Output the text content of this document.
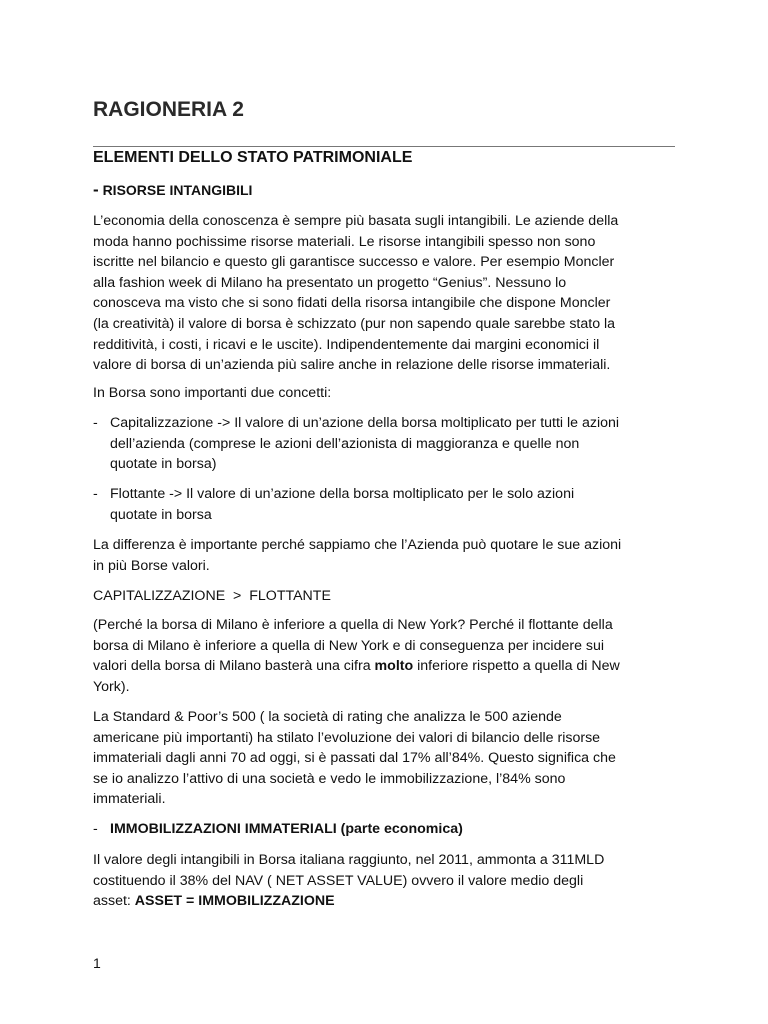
RAGIONERIA 2
ELEMENTI DELLO STATO PATRIMONIALE
- RISORSE INTANGIBILI
L’economia della conoscenza è sempre più basata sugli intangibili. Le aziende della
moda hanno pochissime risorse materiali. Le risorse intangibili spesso non sono
iscritte nel bilancio e questo gli garantisce successo e valore. Per esempio Moncler
alla fashion week di Milano ha presentato un progetto “Genius”. Nessuno lo
conosceva ma visto che si sono fidati della risorsa intangibile che dispone Moncler
(la creatività) il valore di borsa è schizzato (pur non sapendo quale sarebbe stato la
redditività, i costi, i ricavi e le uscite). Indipendentemente dai margini economici il
valore di borsa di un’azienda più salire anche in relazione delle risorse immateriali.
In Borsa sono importanti due concetti:
- Capitalizzazione -> Il valore di un’azione della borsa moltiplicato per tutti le azioni
dell’azienda (comprese le azioni dell’azionista di maggioranza e quelle non
quotate in borsa)
- Flottante -> Il valore di un’azione della borsa moltiplicato per le solo azioni
quotate in borsa
La differenza è importante perché sappiamo che l’Azienda può quotare le sue azioni
in più Borse valori.
CAPITALIZZAZIONE  >  FLOTTANTE
(Perché la borsa di Milano è inferiore a quella di New York? Perché il flottante della
borsa di Milano è inferiore a quella di New York e di conseguenza per incidere sui
valori della borsa di Milano basterà una cifra molto inferiore rispetto a quella di New
York).
La Standard & Poor’s 500 ( la società di rating che analizza le 500 aziende
americane più importanti) ha stilato l’evoluzione dei valori di bilancio delle risorse
immateriali dagli anni 70 ad oggi, si è passati dal 17% all’84%. Questo significa che
se io analizzo l’attivo di una società e vedo le immobilizzazione, l’84% sono
immateriali.
- IMMOBILIZZAZIONI IMMATERIALI (parte economica)
Il valore degli intangibili in Borsa italiana raggiunto, nel 2011, ammonta a 311MLD
costituendo il 38% del NAV ( NET ASSET VALUE) ovvero il valore medio degli
asset: ASSET = IMMOBILIZZAZIONE
1
